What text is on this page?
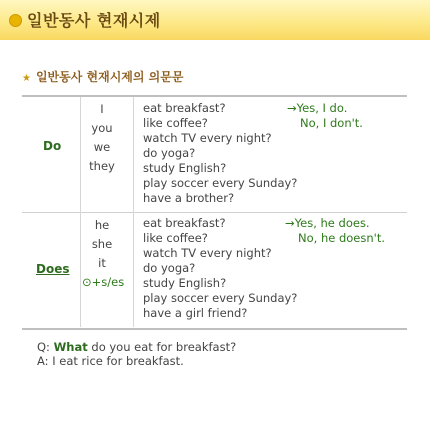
일반동사 현재시제
★ 일반동사 현재시제의 의문문
Do
I
you
we
they
eat breakfast?
like coffee?
watch TV every night?
do yoga?
study English?
play soccer every Sunday?
have a brother?
→Yes, I do.
No, I don't.
Does
he
she
it
⊙+s/es
eat breakfast?
like coffee?
watch TV every night?
do yoga?
study English?
play soccer every Sunday?
have a girl friend?
→Yes, he does.
No, he doesn't.
Q: What do you eat for breakfast?
A: I eat rice for breakfast.
